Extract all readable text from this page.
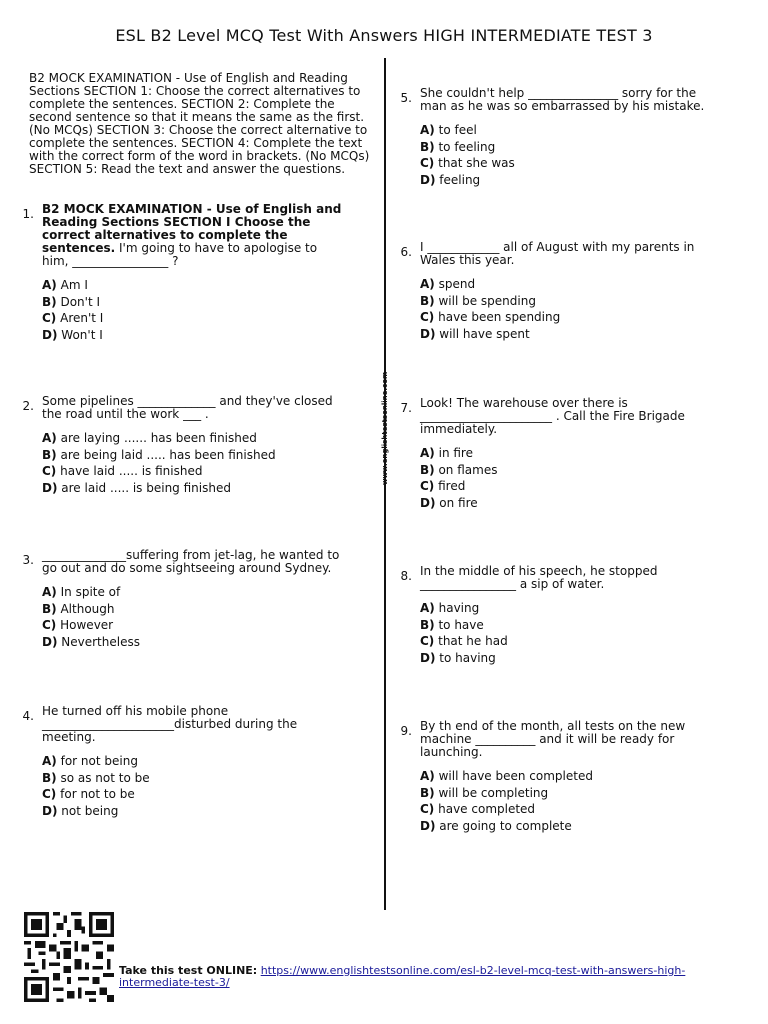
ESL B2 Level MCQ Test With Answers HIGH INTERMEDIATE TEST 3
www.englishtestsonline.com
B2 MOCK EXAMINATION - Use of English and Reading Sections SECTION 1: Choose the correct alternatives to complete the sentences. SECTION 2: Complete the second sentence so that it means the same as the first. (No MCQs) SECTION 3: Choose the correct alternative to complete the sentences. SECTION 4: Complete the text with the correct form of the word in brackets. (No MCQs) SECTION 5: Read the text and answer the questions.
1. B2 MOCK EXAMINATION - Use of English and Reading Sections SECTION I Choose the correct alternatives to complete the sentences. I'm going to have to apologise to him, ________________ ?
A) Am I
B) Don't I
C) Aren't I
D) Won't I
2. Some pipelines _____________ and they've closed the road until the work ___ .
A) are laying ...... has been finished
B) are being laid ..... has been finished
C) have laid ..... is finished
D) are laid ..... is being finished
3. ______________suffering from jet-lag, he wanted to go out and do some sightseeing around Sydney.
A) In spite of
B) Although
C) However
D) Nevertheless
4. He turned off his mobile phone ______________________disturbed during the meeting.
A) for not being
B) so as not to be
C) for not to be
D) not being
5. She couldn't help _______________ sorry for the man as he was so embarrassed by his mistake.
A) to feel
B) to feeling
C) that she was
D) feeling
6. I ____________ all of August with my parents in Wales this year.
A) spend
B) will be spending
C) have been spending
D) will have spent
7. Look! The warehouse over there is ______________________ . Call the Fire Brigade immediately.
A) in fire
B) on flames
C) fired
D) on fire
8. In the middle of his speech, he stopped ________________ a sip of water.
A) having
B) to have
C) that he had
D) to having
9. By th end of the month, all tests on the new machine __________ and it will be ready for launching.
A) will have been completed
B) will be completing
C) have completed
D) are going to complete
Take this test ONLINE: https://www.englishtestsonline.com/esl-b2-level-mcq-test-with-answers-high-intermediate-test-3/
